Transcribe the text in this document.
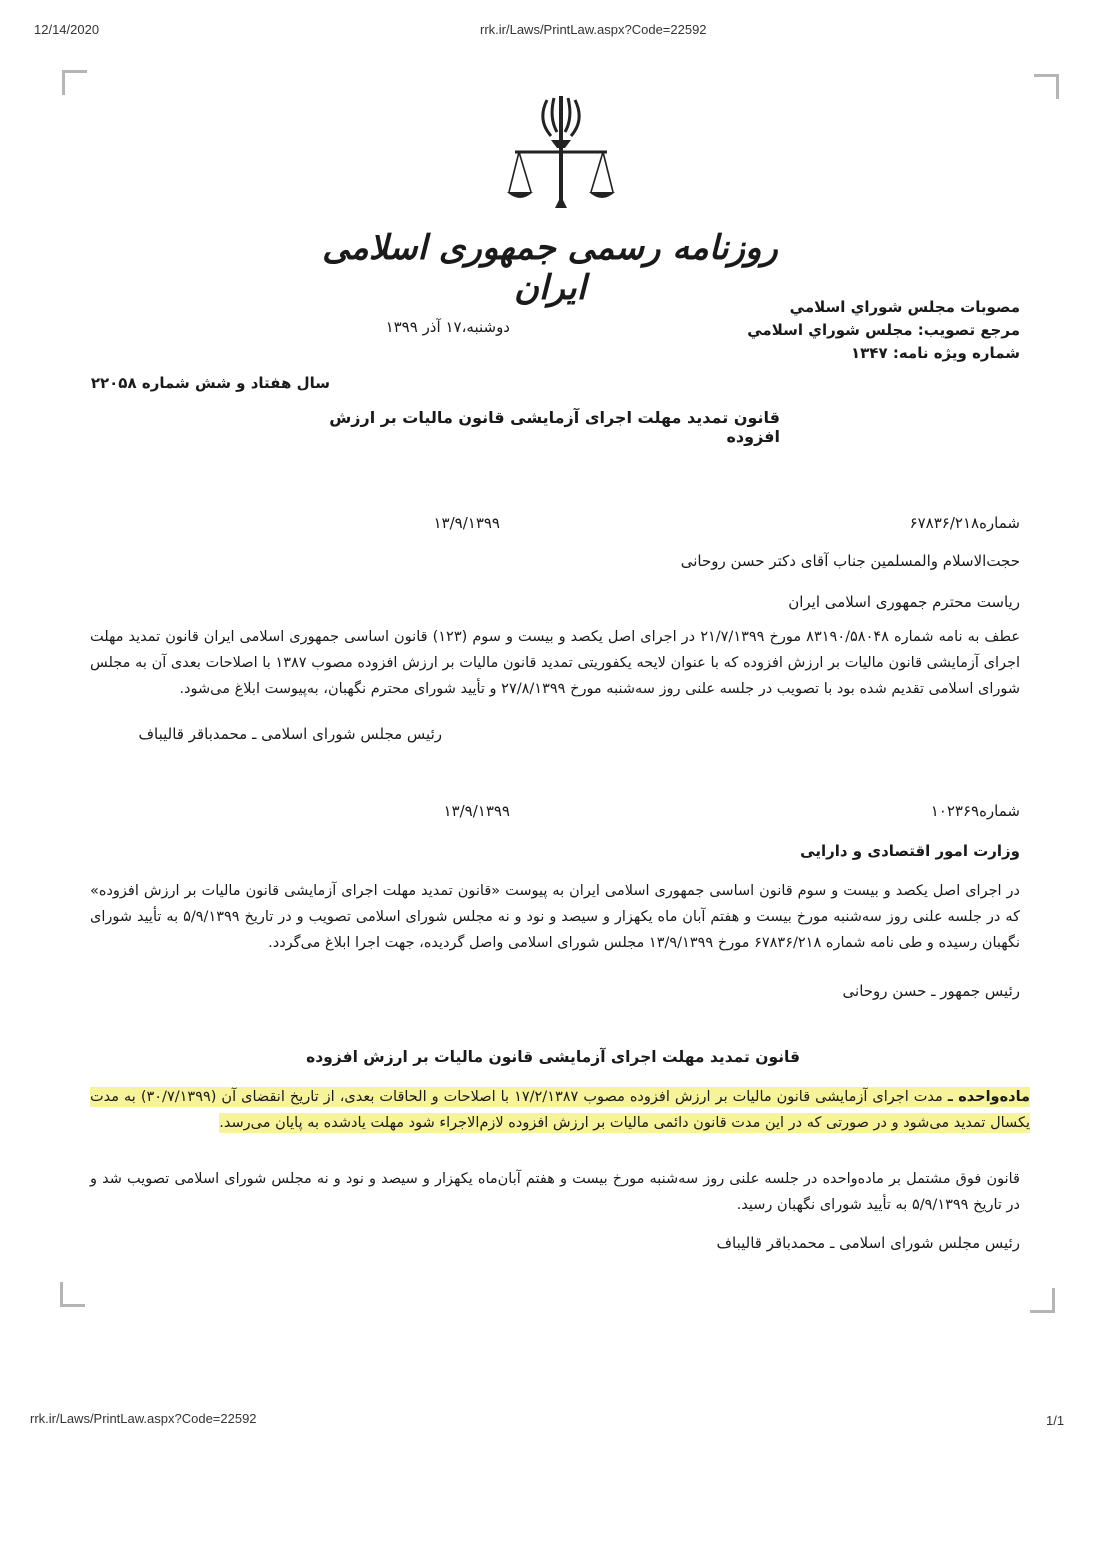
12/14/2020	rrk.ir/Laws/PrintLaw.aspx?Code=22592
روزنامه رسمی جمهوری اسلامی ایران	مصوبات مجلس شوراي اسلامي
مرجع تصويب: مجلس شوراي اسلامي
شماره ویژه نامه: ۱۳۴۷
دوشنبه،۱۷ آذر ۱۳۹۹
سال هفتاد و شش شماره ۲۲۰۵۸
قانون تمدید مهلت اجرای آزمایشی قانون مالیات بر ارزش افزوده
شماره۶۷۸۳۶/۲۱۸
۱۳/۹/۱۳۹۹
حجت‌الاسلام والمسلمین جناب آقای دکتر حسن روحانی
ریاست محترم جمهوری اسلامی ایران
عطف به نامه شماره ۸۳۱۹۰/۵۸۰۴۸ مورخ ۲۱/۷/۱۳۹۹ در اجرای اصل یکصد و بیست و سوم (۱۲۳) قانون اساسی جمهوری اسلامی ایران قانون تمدید مهلت اجرای آزمایشی قانون مالیات بر ارزش افزوده که با عنوان لایحه یکفوریتی تمدید قانون مالیات بر ارزش افزوده مصوب ۱۳۸۷ با اصلاحات بعدی آن به مجلس شورای اسلامی تقدیم شده بود با تصویب در جلسه علنی روز سه‌شنبه مورخ ۲۷/۸/۱۳۹۹ و تأیید شورای محترم نگهبان، به‌پیوست ابلاغ می‌شود.
رئیس مجلس شورای اسلامی ـ محمدباقر قالیباف
شماره۱۰۲۳۶۹
۱۳/۹/۱۳۹۹
وزارت امور اقتصادی و دارایی
در اجرای اصل یکصد و بیست و سوم قانون اساسی جمهوری اسلامی ایران به پیوست «قانون تمدید مهلت اجرای آزمایشی قانون مالیات بر ارزش افزوده» که در جلسه علنی روز سه‌شنبه مورخ بیست و هفتم آبان ماه یکهزار و سیصد و نود و نه مجلس شورای اسلامی تصویب و در تاریخ ۵/۹/۱۳۹۹ به تأیید شورای نگهبان رسیده و طی نامه شماره ۶۷۸۳۶/۲۱۸ مورخ ۱۳/۹/۱۳۹۹ مجلس شورای اسلامی واصل گردیده، جهت اجرا ابلاغ می‌گردد.
رئیس جمهور ـ حسن روحانی
قانون تمدید مهلت اجرای آزمایشی قانون مالیات بر ارزش افزوده
ماده‌واحده ـ مدت اجرای آزمایشی قانون مالیات بر ارزش افزوده مصوب ۱۷/۲/۱۳۸۷ با اصلاحات و الحاقات بعدی، از تاریخ انقضای آن (۳۰/۷/۱۳۹۹) به مدت یکسال تمدید می‌شود و در صورتی که در این مدت قانون دائمی مالیات بر ارزش افزوده لازم‌الاجراء شود مهلت یادشده به پایان می‌رسد.
قانون فوق مشتمل بر ماده‌واحده در جلسه علنی روز سه‌شنبه مورخ بیست و هفتم آبان‌ماه یکهزار و سیصد و نود و نه مجلس شورای اسلامی تصویب شد و در تاریخ ۵/۹/۱۳۹۹ به تأیید شورای نگهبان رسید.
رئیس مجلس شورای اسلامی ـ محمدباقر قالیباف
rrk.ir/Laws/PrintLaw.aspx?Code=22592	1/1
